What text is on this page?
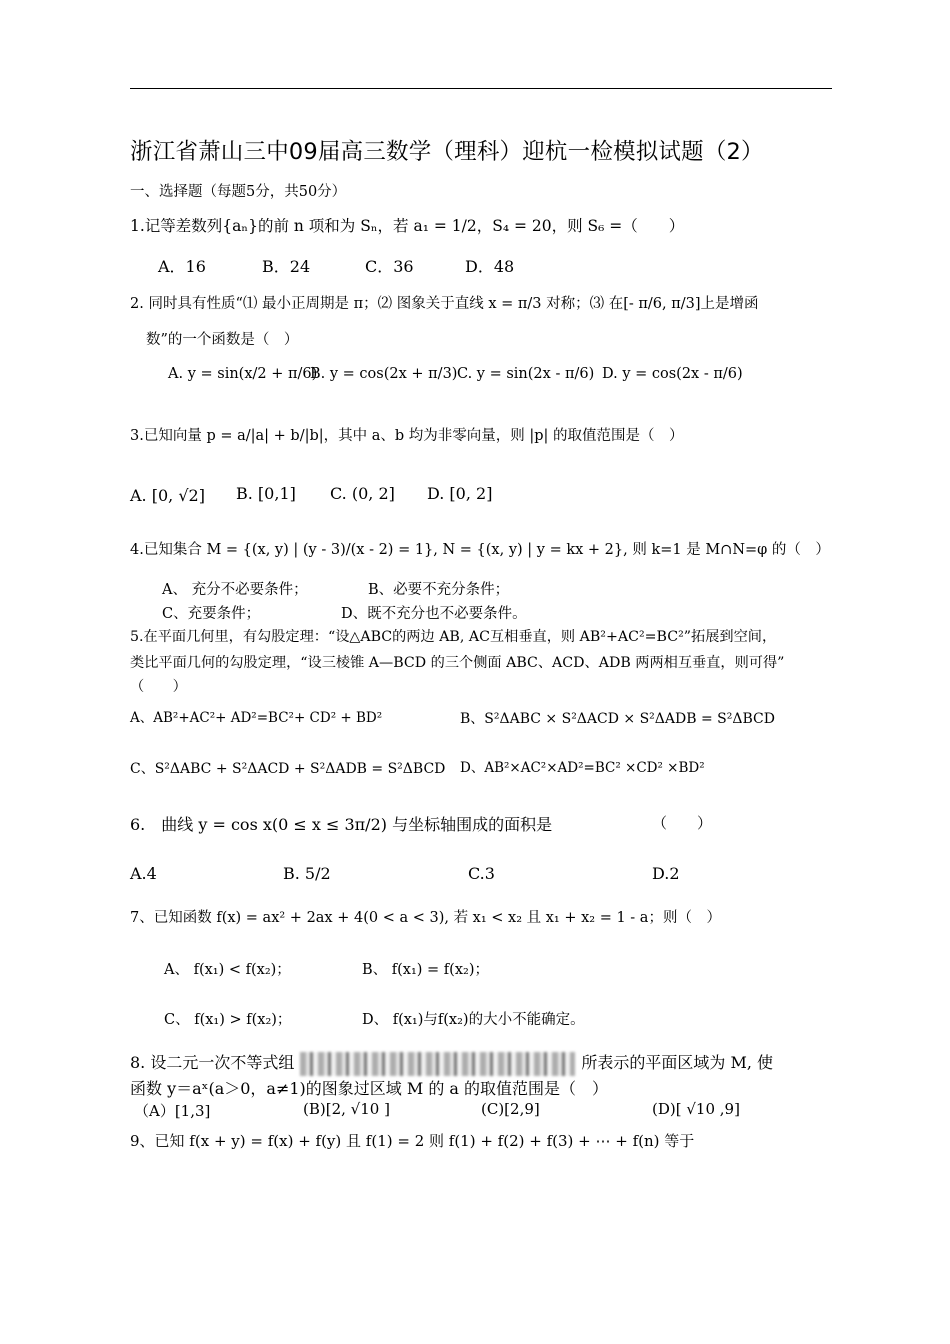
浙江省萧山三中09届高三数学（理科）迎杭一检模拟试题（2）
一、选择题（每题5分，共50分）
1.记等差数列{aₙ}的前 n 项和为 Sₙ，若 a₁ = 1/2，S₄ = 20，则 S₆ =（　　）
A．16	B．24	C．36	D．48
2. 同时具有性质“⑴ 最小正周期是 π；⑵ 图象关于直线 x = π/3 对称；⑶ 在[- π/6, π/3]上是增函
数”的一个函数是（　）
A. y = sin(x/2 + π/6)
B. y = cos(2x + π/3) C. y = sin(2x - π/6) D. y = cos(2x - π/6)
3.已知向量 p = a/|a| + b/|b|，其中 a、b 均为非零向量，则 |p| 的取值范围是（　）
A. [0, √2] B. [0,1] C. (0, 2] D. [0, 2]
4.已知集合 M = {(x, y) | (y - 3)/(x - 2) = 1}, N = {(x, y) | y = kx + 2}, 则 k=1 是 M∩N=φ 的（　）
A、 充分不必要条件；	B、必要不充分条件；
C、充要条件；	D、既不充分也不必要条件。
5.在平面几何里，有勾股定理：“设△ABC的两边 AB, AC互相垂直，则 AB²+AC²=BC²”拓展到空间，
类比平面几何的勾股定理，“设三棱锥 A—BCD 的三个侧面 ABC、ACD、ADB 两两相互垂直，则可得”
（　　）
A、AB²+AC²+ AD²=BC²+ CD² + BD²	B、S²ΔABC × S²ΔACD × S²ΔADB = S²ΔBCD
C、S²ΔABC + S²ΔACD + S²ΔADB = S²ΔBCD D、AB²×AC²×AD²=BC² ×CD² ×BD²
6.　曲线 y = cos x(0 ≤ x ≤ 3π/2) 与坐标轴围成的面积是	（　　）
A.4	B. 5/2	C.3	D.2
7、已知函数 f(x) = ax² + 2ax + 4(0 < a < 3), 若 x₁ < x₂ 且 x₁ + x₂ = 1 - a；则（　）
A、 f(x₁) < f(x₂)；	B、 f(x₁) = f(x₂)；
C、 f(x₁) > f(x₂)；	D、 f(x₁)与f(x₂)的大小不能确定。
8. 设二元一次不等式组	所表示的平面区域为 M, 使
函数 y＝aˣ(a＞0，a≠1)的图象过区域 M 的 a 的取值范围是（　）
（A）[1,3]	(B)[2, √10 ]	(C)[2,9]	(D)[ √10 ,9]
9、已知 f(x + y) = f(x) + f(y) 且 f(1) = 2 则 f(1) + f(2) + f(3) + ⋯ + f(n) 等于
